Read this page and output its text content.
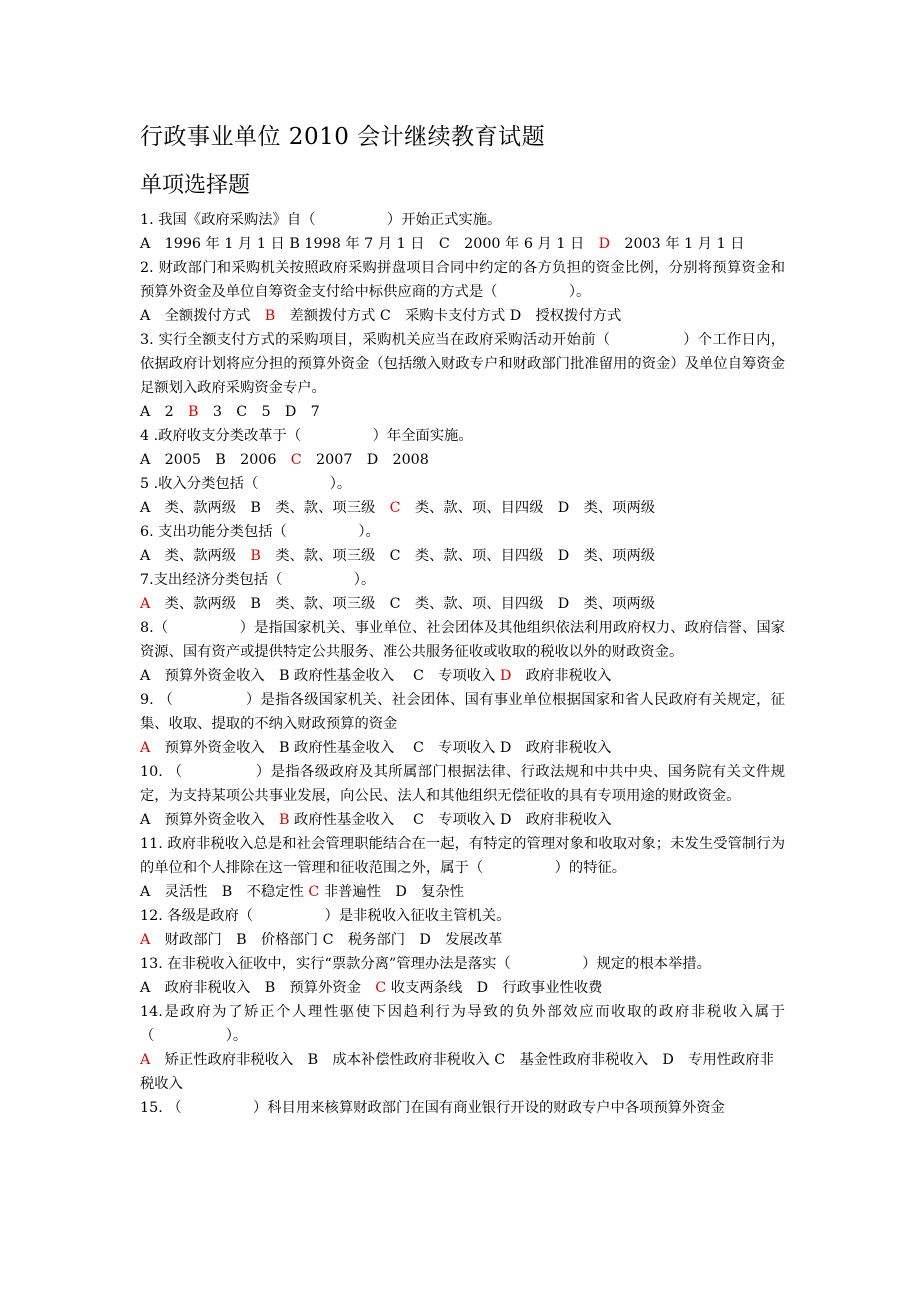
行政事业单位 2010 会计继续教育试题
单项选择题
1. 我国《政府采购法》自（　　　　　）开始正式实施。
A　1996 年 1 月 1 日 B 1998 年 7 月 1 日　C　2000 年 6 月 1 日　D　2003 年 1 月 1 日
2. 财政部门和采购机关按照政府采购拼盘项目合同中约定的各方负担的资金比例，分别将预算资金和预算外资金及单位自筹资金支付给中标供应商的方式是（　　　　　）。
A　全额拨付方式　B　差额拨付方式 C　采购卡支付方式 D　授权拨付方式
3. 实行全额支付方式的采购项目，采购机关应当在政府采购活动开始前（　　　　　）个工作日内，依据政府计划将应分担的预算外资金（包括缴入财政专户和财政部门批准留用的资金）及单位自筹资金足额划入政府采购资金专户。
A　2　B　3　C　5　D　7
4 .政府收支分类改革于（　　　　　）年全面实施。
A　2005　B　2006　C　2007　D　2008
5 .收入分类包括（　　　　　）。
A　类、款两级　B　类、款、项三级　C　类、款、项、目四级　D　类、项两级
6. 支出功能分类包括（　　　　　）。
A　类、款两级　B　类、款、项三级　C　类、款、项、目四级　D　类、项两级
7.支出经济分类包括（　　　　　）。
A　类、款两级　B　类、款、项三级　C　类、款、项、目四级　D　类、项两级
8.（　　　　　）是指国家机关、事业单位、社会团体及其他组织依法利用政府权力、政府信誉、国家资源、国有资产或提供特定公共服务、准公共服务征收或收取的税收以外的财政资金。
A　预算外资金收入　B 政府性基金收入　 C　专项收入 D　政府非税收入
9. （　　　　　）是指各级国家机关、社会团体、国有事业单位根据国家和省人民政府有关规定，征集、收取、提取的不纳入财政预算的资金
A　预算外资金收入　B 政府性基金收入　 C　专项收入 D　政府非税收入
10. （　　　　　）是指各级政府及其所属部门根据法律、行政法规和中共中央、国务院有关文件规定，为支持某项公共事业发展，向公民、法人和其他组织无偿征收的具有专项用途的财政资金。
A　预算外资金收入　B 政府性基金收入　 C　专项收入 D　政府非税收入
11. 政府非税收入总是和社会管理职能结合在一起，有特定的管理对象和收取对象；未发生受管制行为的单位和个人排除在这一管理和征收范围之外，属于（　　　　　）的特征。
A　灵活性　B　不稳定性 C 非普遍性　D　复杂性
12. 各级是政府（　　　　　）是非税收入征收主管机关。
A　财政部门　B　价格部门 C　税务部门　D　发展改革
13. 在非税收入征收中，实行“票款分离”管理办法是落实（　　　　　）规定的根本举措。
A　政府非税收入　B　预算外资金　C 收支两条线　D　行政事业性收费
14.是政府为了矫正个人理性驱使下因趋利行为导致的负外部效应而收取的政府非税收入属于（　　　　　）。
A　矫正性政府非税收入　B　成本补偿性政府非税收入 C　基金性政府非税收入　D　专用性政府非税收入
15. （　　　　　）科目用来核算财政部门在国有商业银行开设的财政专户中各项预算外资金
